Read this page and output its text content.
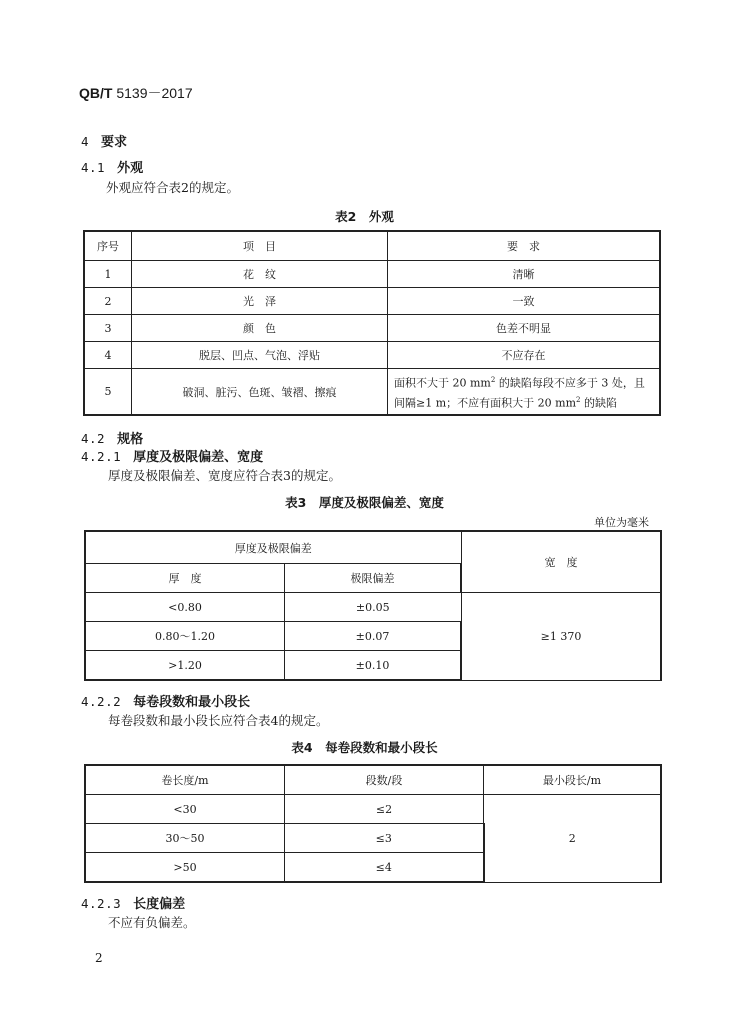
QB/T 5139－2017
4 要求
4.1 外观
外观应符合表2的规定。
表2　外观
序号	项　目	要　求
1	花　纹	清晰
2	光　泽	一致
3	颜　色	色差不明显
4	脱层、凹点、气泡、浮贴	不应存在
5	破洞、脏污、色斑、皱褶、擦痕	面积不大于 20 $mm^2$ 的缺陷每段不应多于 3 处，且间隔≥1 m；不应有面积大于 20 $mm^2$ 的缺陷
4.2 规格
4.2.1 厚度及极限偏差、宽度
厚度及极限偏差、宽度应符合表3的规定。
表3　厚度及极限偏差、宽度
单位为毫米
厚度及极限偏差		宽　度
厚　度	极限偏差	
<0.80	±0.05	≥1 370
0.80～1.20	±0.07	
>1.20	±0.10	
4.2.2 每卷段数和最小段长
每卷段数和最小段长应符合表4的规定。
表4　每卷段数和最小段长
卷长度/m	段数/段	最小段长/m
<30	≤2	2
30～50	≤3	
>50	≤4	
4.2.3 长度偏差
不应有负偏差。
2
